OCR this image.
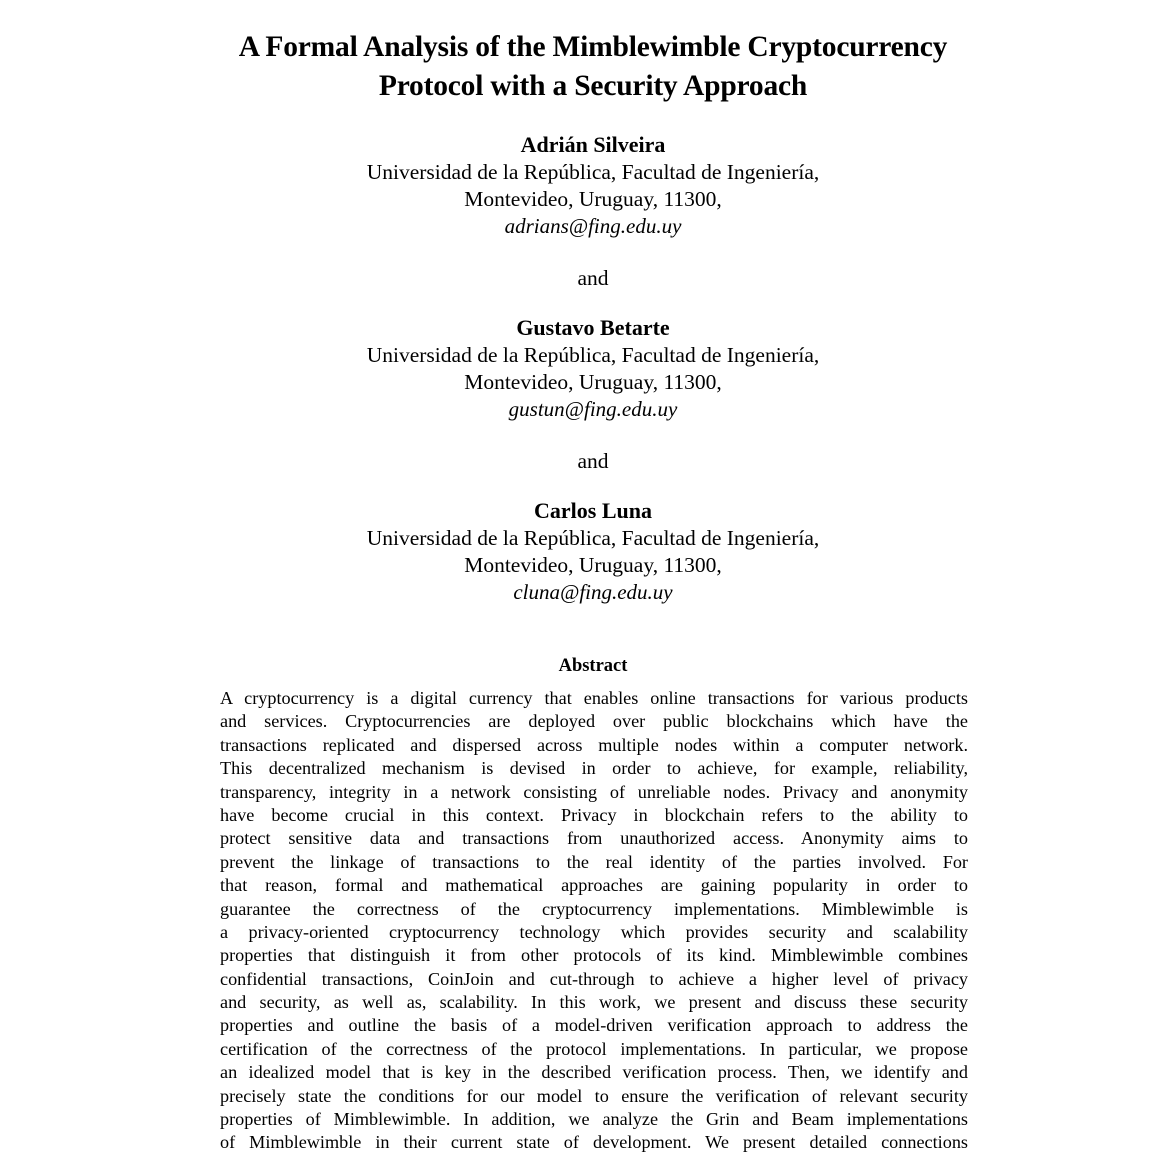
A Formal Analysis of the Mimblewimble Cryptocurrency
Protocol with a Security Approach
Adrián Silveira
Universidad de la República, Facultad de Ingeniería,
Montevideo, Uruguay, 11300,
adrians@fing.edu.uy
and
Gustavo Betarte
Universidad de la República, Facultad de Ingeniería,
Montevideo, Uruguay, 11300,
gustun@fing.edu.uy
and
Carlos Luna
Universidad de la República, Facultad de Ingeniería,
Montevideo, Uruguay, 11300,
cluna@fing.edu.uy
Abstract
A cryptocurrency is a digital currency that enables online transactions for various products
and services. Cryptocurrencies are deployed over public blockchains which have the
transactions replicated and dispersed across multiple nodes within a computer network.
This decentralized mechanism is devised in order to achieve, for example, reliability,
transparency, integrity in a network consisting of unreliable nodes. Privacy and anonymity
have become crucial in this context. Privacy in blockchain refers to the ability to
protect sensitive data and transactions from unauthorized access. Anonymity aims to
prevent the linkage of transactions to the real identity of the parties involved. For
that reason, formal and mathematical approaches are gaining popularity in order to
guarantee the correctness of the cryptocurrency implementations. Mimblewimble is
a privacy-oriented cryptocurrency technology which provides security and scalability
properties that distinguish it from other protocols of its kind. Mimblewimble combines
confidential transactions, CoinJoin and cut-through to achieve a higher level of privacy
and security, as well as, scalability. In this work, we present and discuss these security
properties and outline the basis of a model-driven verification approach to address the
certification of the correctness of the protocol implementations. In particular, we propose
an idealized model that is key in the described verification process. Then, we identify and
precisely state the conditions for our model to ensure the verification of relevant security
properties of Mimblewimble. In addition, we analyze the Grin and Beam implementations
of Mimblewimble in their current state of development. We present detailed connections
